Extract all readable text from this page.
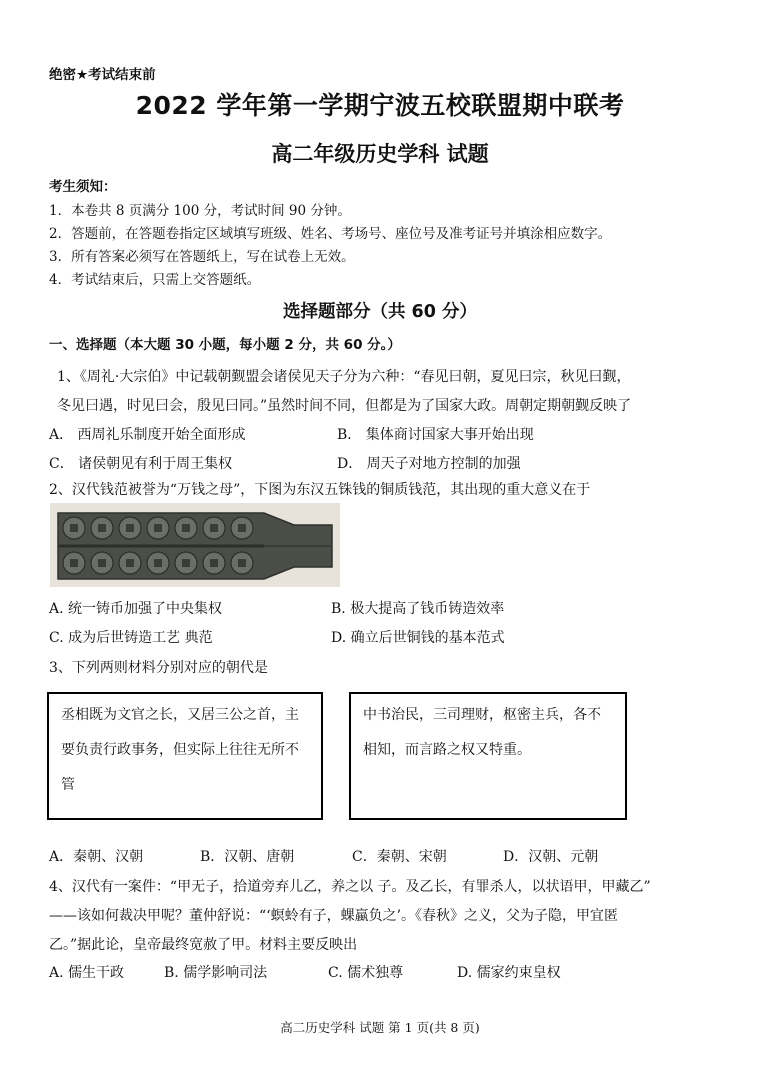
绝密★考试结束前
2022 学年第一学期宁波五校联盟期中联考
高二年级历史学科 试题
考生须知：
1．本卷共 8 页满分 100 分，考试时间 90 分钟。
2．答题前，在答题卷指定区域填写班级、姓名、考场号、座位号及准考证号并填涂相应数字。
3．所有答案必须写在答题纸上，写在试卷上无效。
4．考试结束后，只需上交答题纸。
选择题部分（共 60 分）
一、选择题（本大题 30 小题，每小题 2 分，共 60 分。）
1、《周礼·大宗伯》中记载朝觐盟会诸侯见天子分为六种：“春见曰朝，夏见曰宗，秋见曰觐，
冬见曰遇，时见曰会，殷见曰同。”虽然时间不同，但都是为了国家大政。周朝定期朝觐反映了
A． 西周礼乐制度开始全面形成	B． 集体商讨国家大事开始出现
C． 诸侯朝见有利于周王集权	D． 周天子对地方控制的加强
2、汉代钱范被誉为“万钱之母”，下图为东汉五铢钱的铜质钱范，其出现的重大意义在于
A. 统一铸币加强了中央集权	B. 极大提高了钱币铸造效率
C. 成为后世铸造工艺 典范	D. 确立后世铜钱的基本范式
3、下列两则材料分别对应的朝代是
丞相既为文官之长，又居三公之首，主要负责行政事务，但实际上往往无所不管
中书治民，三司理财，枢密主兵，各不相知，而言路之权又特重。
A．秦朝、汉朝	B．汉朝、唐朝	C．秦朝、宋朝	D．汉朝、元朝
4、汉代有一案件：“甲无子，拾道旁弃儿乙，养之以 子。及乙长，有罪杀人，以状语甲，甲藏乙”
——该如何裁决甲呢？董仲舒说：“‘螟蛉有子，蜾蠃负之’。《春秋》之义，父为子隐，甲宜匿
乙。”据此论，皇帝最终宽赦了甲。材料主要反映出
A. 儒生干政	B. 儒学影响司法	C. 儒术独尊	D. 儒家约束皇权
高二历史学科 试题 第 1 页(共 8 页)
